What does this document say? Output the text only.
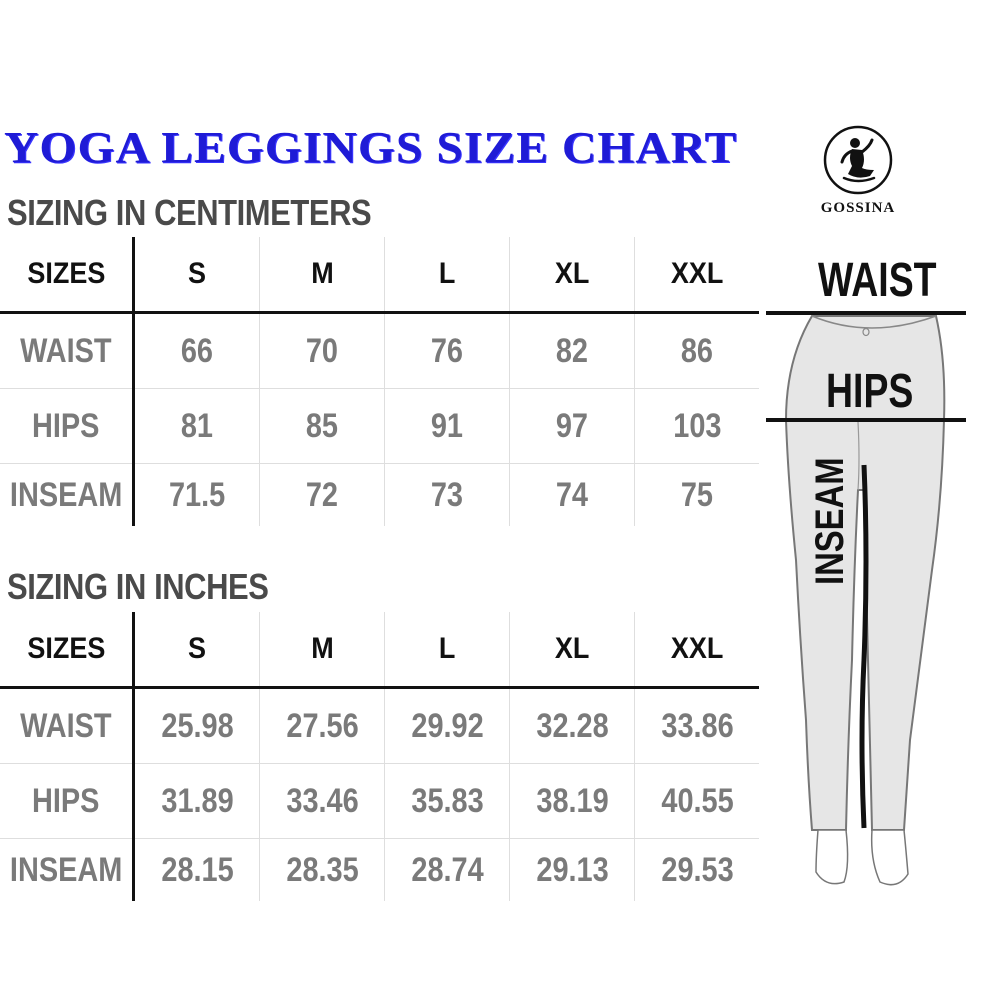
YOGA LEGGINGS SIZE CHART
SIZING IN CENTIMETERS
SIZES	S	M	L	XL	XXL
WAIST	66	70	76	82	86
HIPS	81	85	91	97	103
INSEAM	71.5	72	73	74	75
SIZING IN INCHES
SIZES	S	M	L	XL	XXL
WAIST	25.98	27.56	29.92	32.28	33.86
HIPS	31.89	33.46	35.83	38.19	40.55
INSEAM	28.15	28.35	28.74	29.13	29.53
GOSSINA
WAIST
HIPS
INSEAM
